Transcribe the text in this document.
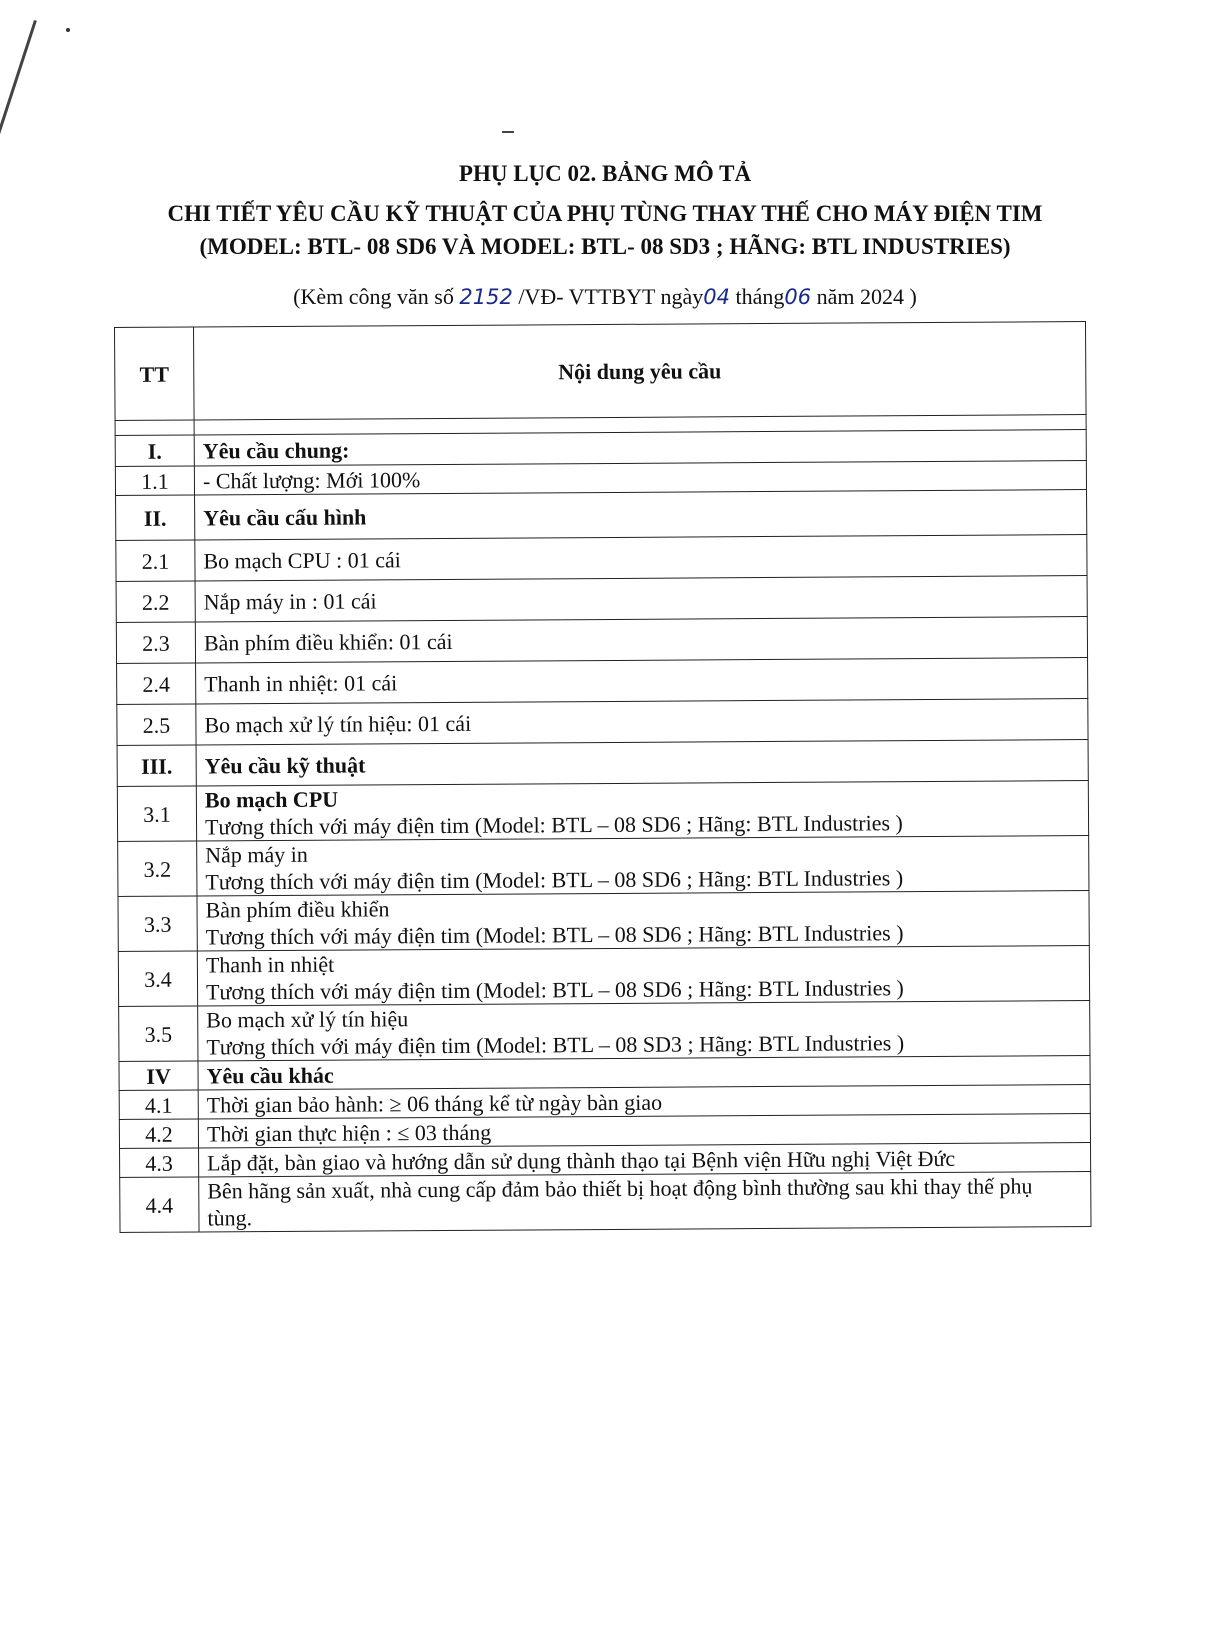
PHỤ LỤC 02. BẢNG MÔ TẢ
CHI TIẾT YÊU CẦU KỸ THUẬT CỦA PHỤ TÙNG THAY THẾ CHO MÁY ĐIỆN TIM
(MODEL: BTL- 08 SD6 VÀ MODEL: BTL- 08 SD3 ; HÃNG: BTL INDUSTRIES)
(Kèm công văn số 2152 /VĐ- VTTBYT ngày04 tháng06 năm 2024 )
TT	Nội dung yêu cầu

I.	Yêu cầu chung:
1.1	- Chất lượng: Mới 100%
II.	Yêu cầu cấu hình
2.1	Bo mạch CPU : 01 cái
2.2	Nắp máy in : 01 cái
2.3	Bàn phím điều khiển: 01 cái
2.4	Thanh in nhiệt: 01 cái
2.5	Bo mạch xử lý tín hiệu: 01 cái
III.	Yêu cầu kỹ thuật
3.1	Bo mạch CPU
Tương thích với máy điện tim (Model: BTL – 08 SD6 ; Hãng: BTL Industries )

3.2	Nắp máy in
Tương thích với máy điện tim (Model: BTL – 08 SD6 ; Hãng: BTL Industries )

3.3	Bàn phím điều khiển
Tương thích với máy điện tim (Model: BTL – 08 SD6 ; Hãng: BTL Industries )

3.4	Thanh in nhiệt
Tương thích với máy điện tim (Model: BTL – 08 SD6 ; Hãng: BTL Industries )

3.5	Bo mạch xử lý tín hiệu
Tương thích với máy điện tim (Model: BTL – 08 SD3 ; Hãng: BTL Industries )

IV	Yêu cầu khác
4.1	Thời gian bảo hành: ≥ 06 tháng kể từ ngày bàn giao
4.2	Thời gian thực hiện : ≤ 03 tháng
4.3	Lắp đặt, bàn giao và hướng dẫn sử dụng thành thạo tại Bệnh viện Hữu nghị Việt Đức
4.4	Bên hãng sản xuất, nhà cung cấp đảm bảo thiết bị hoạt động bình thường sau khi thay thế phụ tùng.
